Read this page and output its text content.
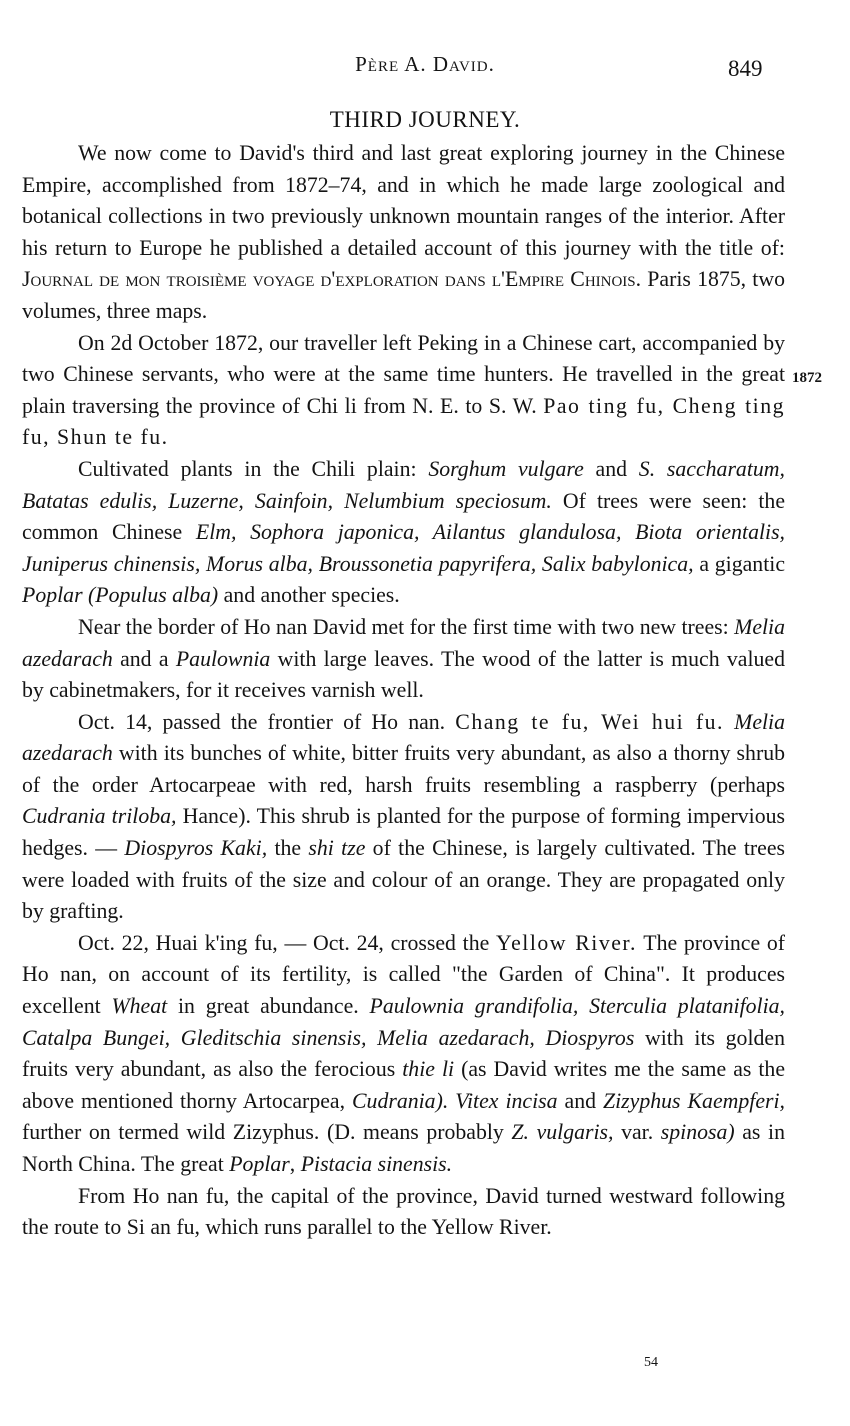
Père A. David.	849
THIRD JOURNEY.
1872

We now come to David's third and last great exploring journey in the Chinese Empire, accomplished from 1872–74, and in which he made large zoological and botanical collections in two previously unknown mountain ranges of the interior. After his return to Europe he published a detailed account of this journey with the title of: Journal de mon troisième voyage d'exploration dans l'Empire Chinois. Paris 1875, two volumes, three maps.

On 2d October 1872, our traveller left Peking in a Chinese cart, accompanied by two Chinese servants, who were at the same time hunters. He travelled in the great plain traversing the province of Chi li from N. E. to S. W. Pao ting fu, Cheng ting fu, Shun te fu.

Cultivated plants in the Chili plain: Sorghum vulgare and S. saccharatum, Batatas edulis, Luzerne, Sainfoin, Nelumbium speciosum. Of trees were seen: the common Chinese Elm, Sophora japonica, Ailantus glandulosa, Biota orientalis, Juniperus chinensis, Morus alba, Broussonetia papyrifera, Salix babylonica, a gigantic Poplar (Populus alba) and another species.

Near the border of Ho nan David met for the first time with two new trees: Melia azedarach and a Paulownia with large leaves. The wood of the latter is much valued by cabinetmakers, for it receives varnish well.

Oct. 14, passed the frontier of Ho nan. Chang te fu, Wei hui fu. Melia azedarach with its bunches of white, bitter fruits very abundant, as also a thorny shrub of the order Artocarpeae with red, harsh fruits resembling a raspberry (perhaps Cudrania triloba, Hance). This shrub is planted for the purpose of forming impervious hedges. — Diospyros Kaki, the shi tze of the Chinese, is largely cultivated. The trees were loaded with fruits of the size and colour of an orange. They are propagated only by grafting.

Oct. 22, Huai k'ing fu, — Oct. 24, crossed the Yellow River. The province of Ho nan, on account of its fertility, is called "the Garden of China". It produces excellent Wheat in great abundance. Paulownia grandifolia, Sterculia platanifolia, Catalpa Bungei, Gleditschia sinensis, Melia azedarach, Diospyros with its golden fruits very abundant, as also the ferocious thie li (as David writes me the same as the above mentioned thorny Artocarpea, Cudrania). Vitex incisa and Zizyphus Kaempferi, further on termed wild Zizyphus. (D. means probably Z. vulgaris, var. spinosa) as in North China. The great Poplar, Pistacia sinensis.

From Ho nan fu, the capital of the province, David turned westward following the route to Si an fu, which runs parallel to the Yellow River.

54
